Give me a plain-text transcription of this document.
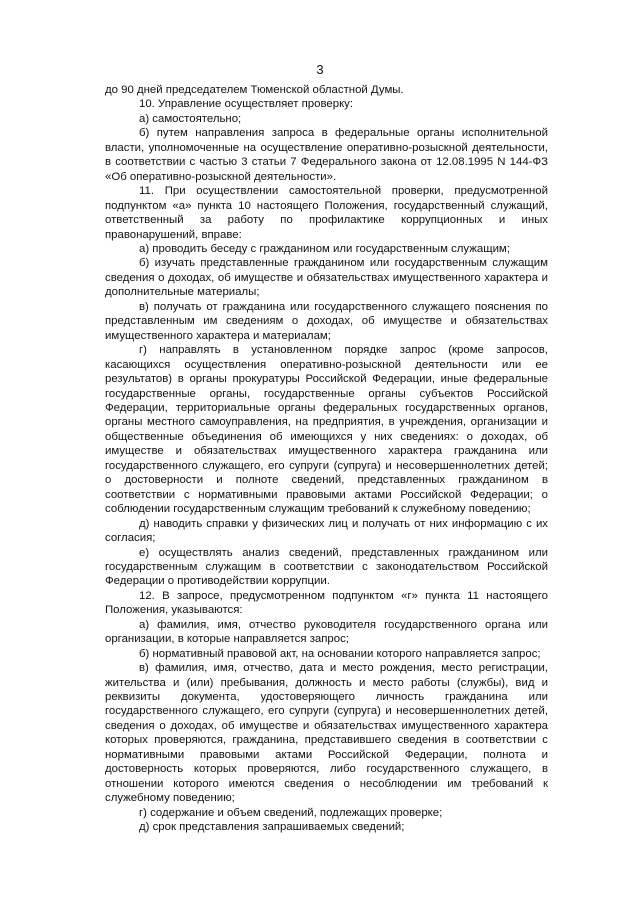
3

до 90 дней председателем Тюменской областной Думы.

10. Управление осуществляет проверку:

а) самостоятельно;

б) путем направления запроса в федеральные органы исполнительной власти, уполномоченные на осуществление оперативно-розыскной деятельности, в соответствии с частью 3 статьи 7 Федерального закона от 12.08.1995 N 144-ФЗ «Об оперативно-розыскной деятельности».

11. При осуществлении самостоятельной проверки, предусмотренной подпунктом «а» пункта 10 настоящего Положения, государственный служащий, ответственный за работу по профилактике коррупционных и иных правонарушений, вправе:

а) проводить беседу с гражданином или государственным служащим;

б) изучать представленные гражданином или государственным служащим сведения о доходах, об имуществе и обязательствах имущественного характера и дополнительные материалы;

в) получать от гражданина или государственного служащего пояснения по представленным им сведениям о доходах, об имуществе и обязательствах имущественного характера и материалам;

г) направлять в установленном порядке запрос (кроме запросов, касающихся осуществления оперативно-розыскной деятельности или ее результатов) в органы прокуратуры Российской Федерации, иные федеральные государственные органы, государственные органы субъектов Российской Федерации, территориальные органы федеральных государственных органов, органы местного самоуправления, на предприятия, в учреждения, организации и общественные объединения об имеющихся у них сведениях: о доходах, об имуществе и обязательствах имущественного характера гражданина или государственного служащего, его супруги (супруга) и несовершеннолетних детей; о достоверности и полноте сведений, представленных гражданином в соответствии с нормативными правовыми актами Российской Федерации; о соблюдении государственным служащим требований к служебному поведению;

д) наводить справки у физических лиц и получать от них информацию с их согласия;

е) осуществлять анализ сведений, представленных гражданином или государственным служащим в соответствии с законодательством Российской Федерации о противодействии коррупции.

12. В запросе, предусмотренном подпунктом «г» пункта 11 настоящего Положения, указываются:

а) фамилия, имя, отчество руководителя государственного органа или организации, в которые направляется запрос;

б) нормативный правовой акт, на основании которого направляется запрос;

в) фамилия, имя, отчество, дата и место рождения, место регистрации, жительства и (или) пребывания, должность и место работы (службы), вид и реквизиты документа, удостоверяющего личность гражданина или государственного служащего, его супруги (супруга) и несовершеннолетних детей, сведения о доходах, об имуществе и обязательствах имущественного характера которых проверяются, гражданина, представившего сведения в соответствии с нормативными правовыми актами Российской Федерации, полнота и достоверность которых проверяются, либо государственного служащего, в отношении которого имеются сведения о несоблюдении им требований к служебному поведению;

г) содержание и объем сведений, подлежащих проверке;

д) срок представления запрашиваемых сведений;
